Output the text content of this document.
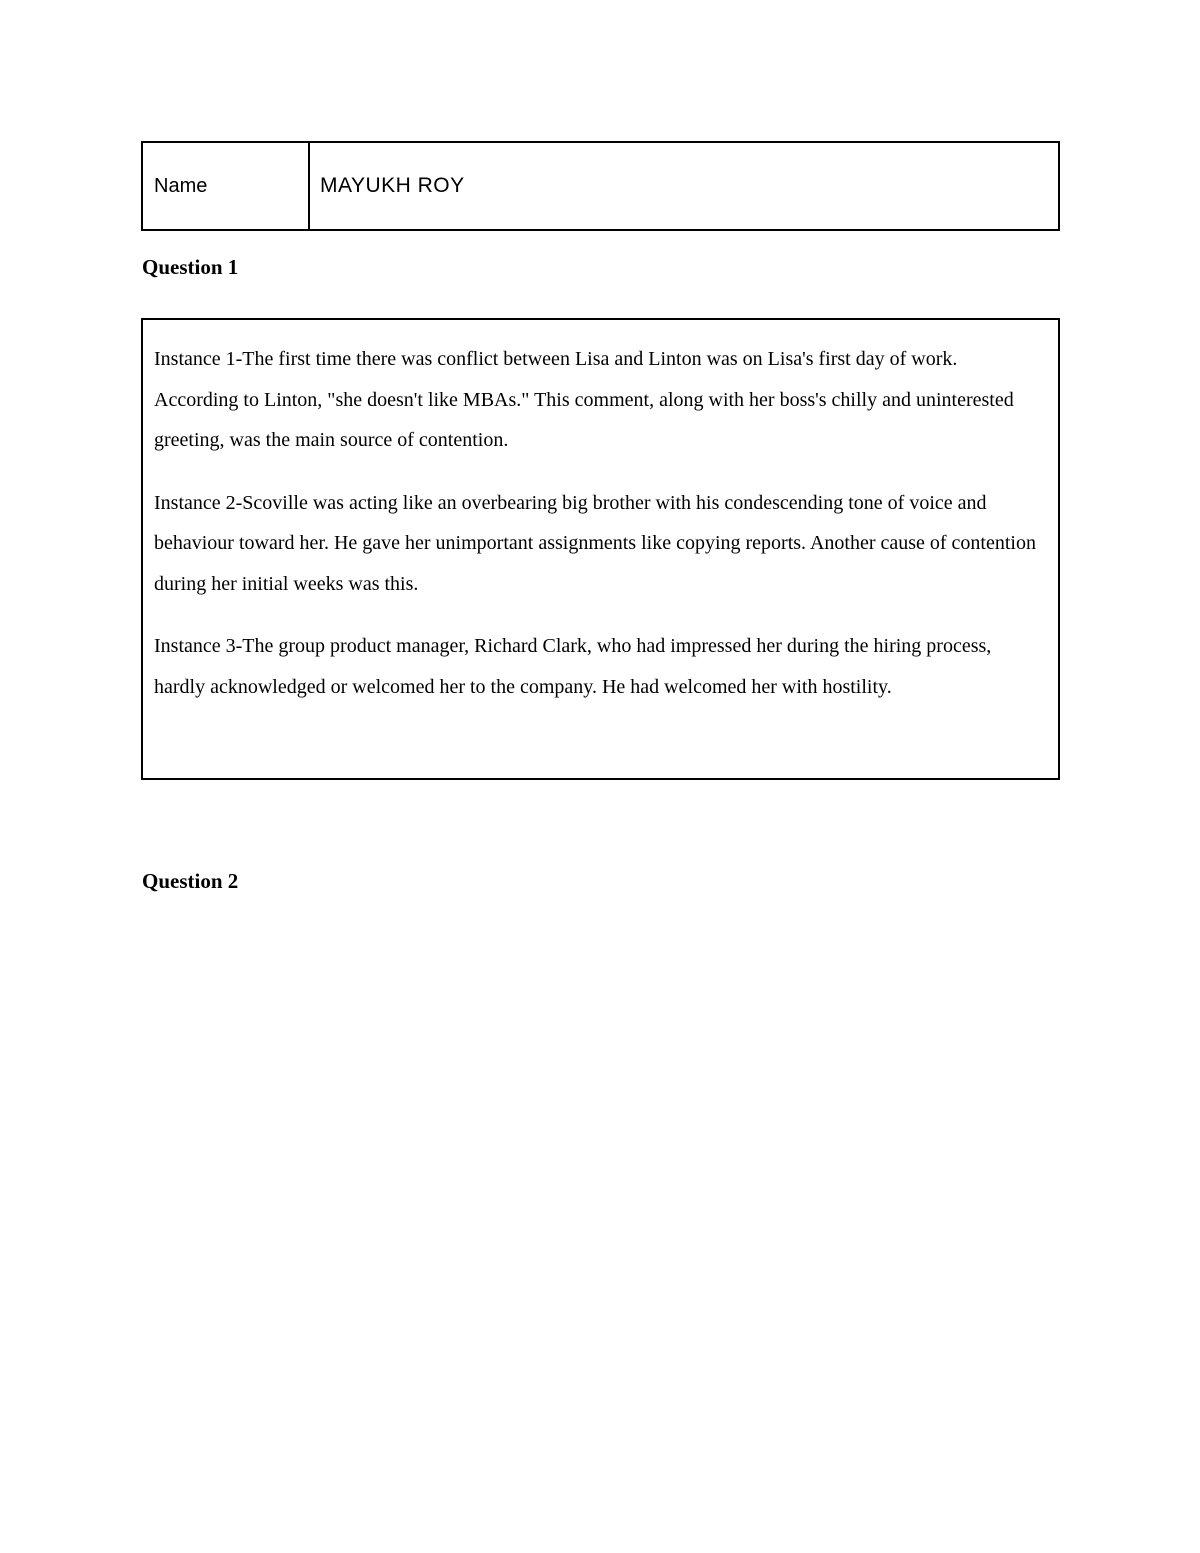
Name	MAYUKH ROY
Question 1

Instance 1-The first time there was conflict between Lisa and Linton was on Lisa's first day of work. According to Linton, "she doesn't like MBAs." This comment, along with her boss's chilly and uninterested greeting, was the main source of contention.

Instance 2-Scoville was acting like an overbearing big brother with his condescending tone of voice and behaviour toward her. He gave her unimportant assignments like copying reports. Another cause of contention during her initial weeks was this.

Instance 3-The group product manager, Richard Clark, who had impressed her during the hiring process, hardly acknowledged or welcomed her to the company. He had welcomed her with hostility.

Question 2
